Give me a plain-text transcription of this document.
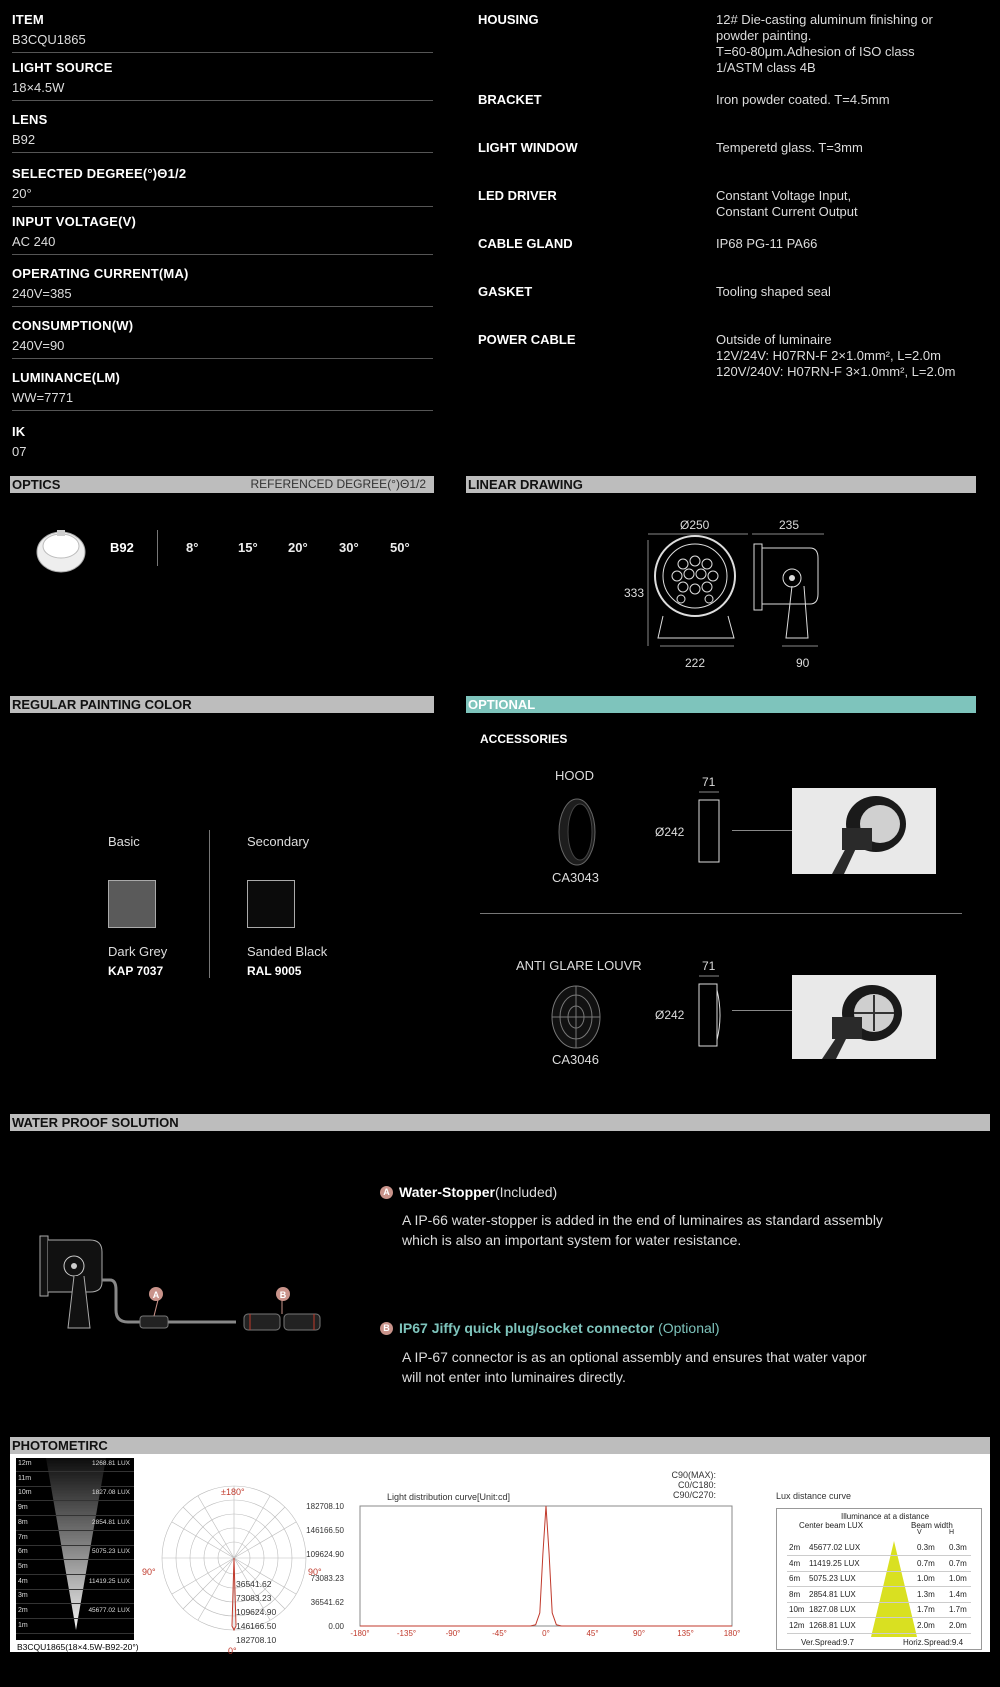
ITEM
B3CQU1865
LIGHT SOURCE
18×4.5W
LENS
B92
SELECTED DEGREE(°)Θ1/2
20°
INPUT VOLTAGE(V)
AC 240
OPERATING CURRENT(MA)
240V=385
CONSUMPTION(W)
240V=90
LUMINANCE(LM)
WW=7771
IK
07
HOUSING	12# Die-casting aluminum finishing or
powder painting.
T=60-80μm.Adhesion of ISO class
1/ASTM class 4B
BRACKET	Iron powder coated. T=4.5mm
LIGHT WINDOW	Temperetd glass. T=3mm
LED DRIVER	Constant Voltage Input,
Constant Current Output
CABLE GLAND	IP68 PG-11 PA66
GASKET	Tooling shaped seal
POWER CABLE	Outside of luminaire
12V/24V: H07RN-F 2×1.0mm², L=2.0m
120V/240V: H07RN-F 3×1.0mm², L=2.0m
OPTICS	REFERENCED DEGREE(°)Θ1/2
B92	8°	15° 20° 30° 50°
LINEAR DRAWING
Ø250	235
333
222	90
REGULAR PAINTING COLOR
Basic	Secondary
Dark Grey
KAP 7037
Sanded Black
RAL 9005
OPTIONAL
ACCESSORIES
HOOD
CA3043
71
Ø242
ANTI GLARE LOUVR
CA3046
71
Ø242
WATER PROOF SOLUTION
A	B
A Water-Stopper(Included)
A IP-66 water-stopper is added in the end of luminaires as standard assembly
which is also an important system for water resistance.
B IP67 Jiffy quick plug/socket connector (Optional)
A IP-67 connector is as an optional assembly and ensures that water vapor
will not enter into luminaires directly.
PHOTOMETIRC
12m	1268.81 LUX
11m
10m	1827.08 LUX
9m
8m	2854.81 LUX
7m
6m	5075.23 LUX
5m
4m	11419.25 LUX
3m
2m	45677.02 LUX
1m
B3CQU1865(18×4.5W-B92-20°)
±180°
90°	90°
0°
36541.62
73083.23
109624.90
146166.50
182708.10
Light distribution curve[Unit:cd]
C90(MAX):
C0/C180:
C90/C270:
182708.10
146166.50
109624.90
73083.23
36541.62
0.00
-180°	-135°	-90°	-45°	0°	45°	90°	135°	180°
Lux distance curve
Illuminance at a distance
Center beam LUX	Beam width
V	H
2m 45677.02 LUX	0.3m 0.3m
4m 11419.25 LUX	0.7m 0.7m
6m 5075.23 LUX	1.0m 1.0m
8m 2854.81 LUX	1.3m 1.4m
10m 1827.08 LUX	1.7m 1.7m
12m 1268.81 LUX	2.0m 2.0m
Ver.Spread:9.7	Horiz.Spread:9.4
